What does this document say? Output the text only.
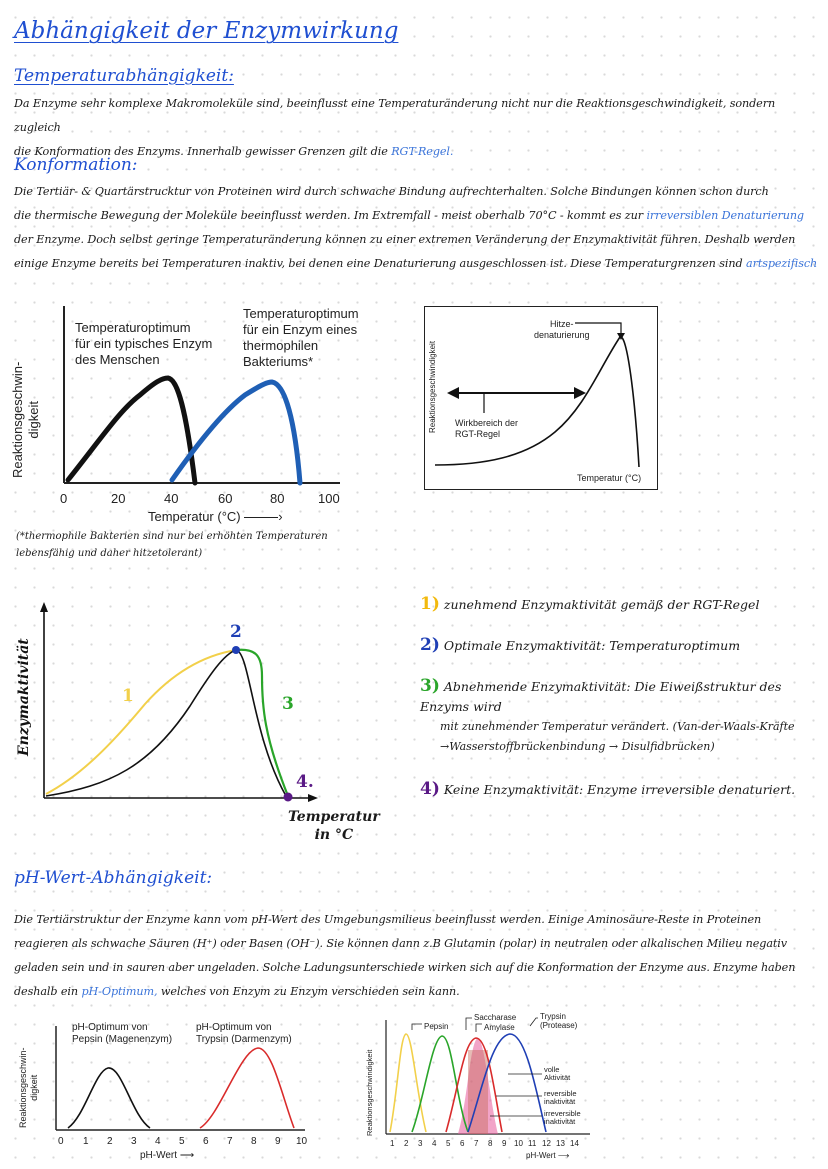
Abhängigkeit der Enzymwirkung
Temperaturabhängigkeit:
Da Enzyme sehr komplexe Makromoleküle sind, beeinflusst eine Temperaturänderung nicht nur die Reaktionsgeschwindigkeit, sondern zugleich
die Konformation des Enzyms. Innerhalb gewisser Grenzen gilt die RGT-Regel.
Konformation:
Die Tertiär- & Quartärstrucktur von Proteinen wird durch schwache Bindung aufrechterhalten. Solche Bindungen können schon durch
die thermische Bewegung der Moleküle beeinflusst werden. Im Extremfall - meist oberhalb 70°C - kommt es zur irreversiblen Denaturierung
der Enzyme. Doch selbst geringe Temperaturänderung können zu einer extremen Veränderung der Enzymaktivität führen. Deshalb werden
einige Enzyme bereits bei Temperaturen inaktiv, bei denen eine Denaturierung ausgeschlossen ist. Diese Temperaturgrenzen sind artspezifisch
Reaktionsgeschwin- digkeit
Temperaturoptimum
für ein typisches Enzym
des Menschen
Temperaturoptimum
für ein Enzym eines
thermophilen
Bakteriums*
0	20	40	60	80	100
Temperatur (°C)	›
(*thermophile Bakterien sind nur bei erhöhten Temperaturen
lebensfähig und daher hitzetolerant)
Reaktionsgeschwindigkeit
Hitze-
denaturierung
Wirkbereich der
RGT-Regel
Temperatur (°C)
Enzymaktivität	1
2
3
4.
Temperatur
in °C
1) zunehmend Enzymaktivität gemäß der RGT-Regel
2) Optimale Enzymaktivität: Temperaturoptimum
3) Abnehmende Enzymaktivität: Die Eiweißstruktur des Enzyms wird
mit zunehmender Temperatur verändert. (Van-der-Waals-Kräfte
→Wasserstoffbrückenbindung → Disulfidbrücken)
4) Keine Enzymaktivität: Enzyme irreversible denaturiert.
pH-Wert-Abhängigkeit:
Die Tertiärstruktur der Enzyme kann vom pH-Wert des Umgebungsmilieus beeinflusst werden. Einige Aminosäure-Reste in Proteinen
reagieren als schwache Säuren (H⁺) oder Basen (OH⁻). Sie können dann z.B Glutamin (polar) in neutralen oder alkalischen Milieu negativ
geladen sein und in sauren aber ungeladen. Solche Ladungsunterschiede wirken sich auf die Konformation der Enzyme aus. Enzyme haben
deshalb ein pH-Optimum, welches von Enzym zu Enzym verschieden sein kann.
Reaktionsgeschwin- digkeit
pH-Optimum von
Pepsin (Magenenzym)
pH-Optimum von
Trypsin (Darmenzym)
0 1 2 3 4 5 6 7 8 9 10
pH-Wert ⟶
Reaktionsgeschwindigkeit
Pepsin
Saccharase
Amylase
Trypsin
(Protease)
volle
Aktivität
reversible
inaktivität
irreversible
inaktivität
1 2 3 4 5 6 7 8 9 10 11 12 13 14
pH-Wert ⟶
